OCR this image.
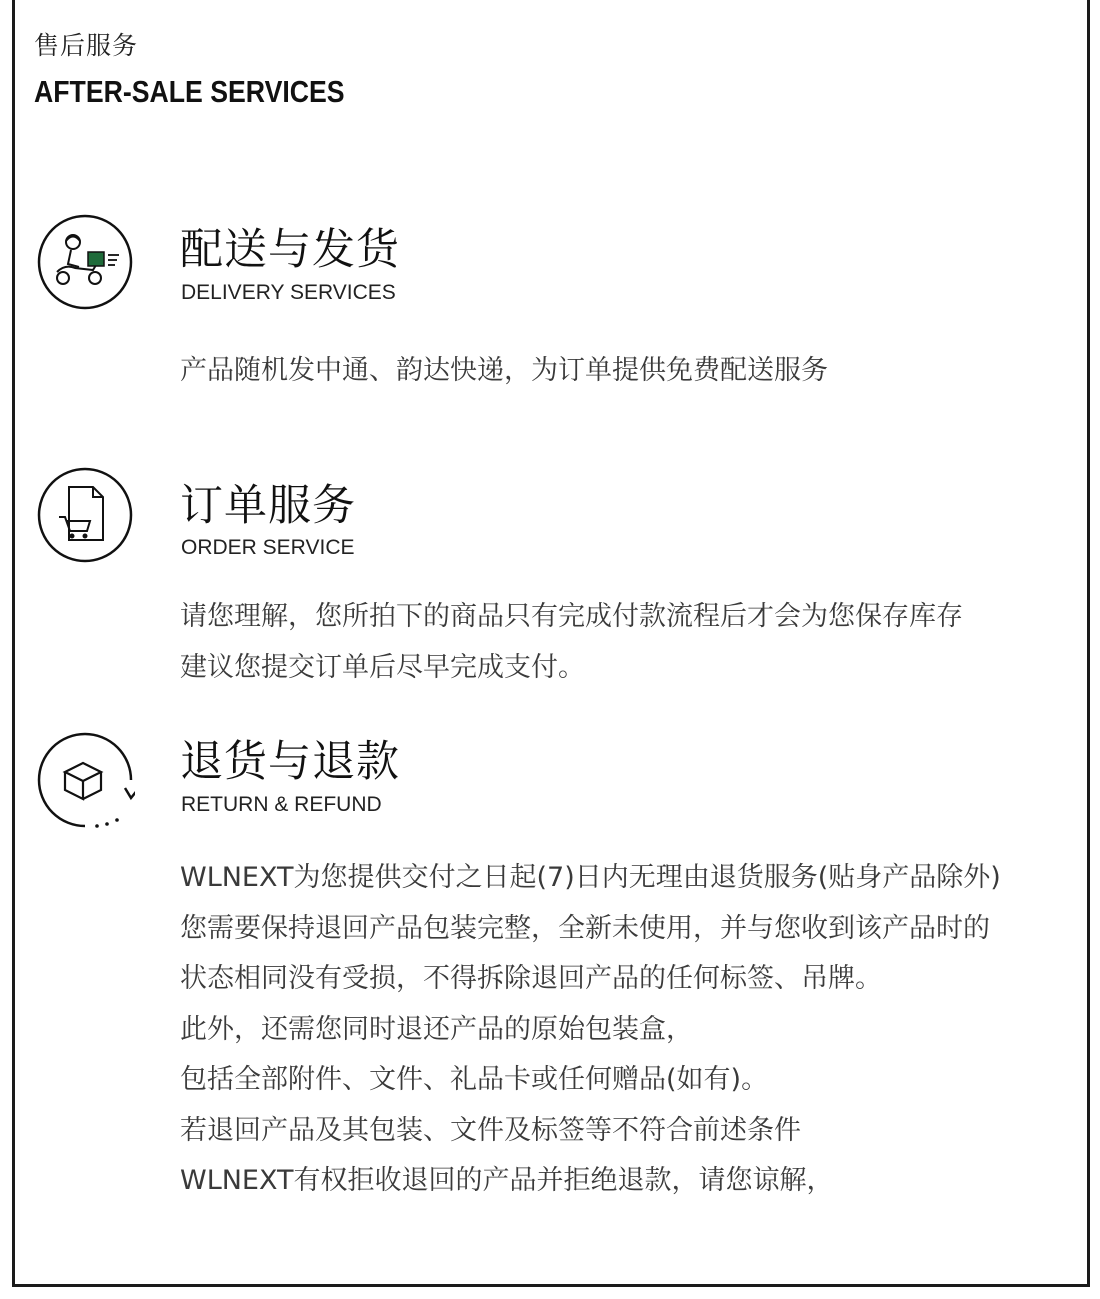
售后服务
AFTER-SALE SERVICES
配送与发货
DELIVERY SERVICES
产品随机发中通、韵达快递，为订单提供免费配送服务
订单服务
ORDER SERVICE
请您理解，您所拍下的商品只有完成付款流程后才会为您保存库存
建议您提交订单后尽早完成支付。
退货与退款
RETURN & REFUND
WLNEXT为您提供交付之日起(7)日内无理由退货服务(贴身产品除外)
您需要保持退回产品包装完整，全新未使用，并与您收到该产品时的
状态相同没有受损，不得拆除退回产品的任何标签、吊牌。
此外，还需您同时退还产品的原始包装盒，
包括全部附件、文件、礼品卡或任何赠品(如有)。
若退回产品及其包装、文件及标签等不符合前述条件
WLNEXT有权拒收退回的产品并拒绝退款，请您谅解，
